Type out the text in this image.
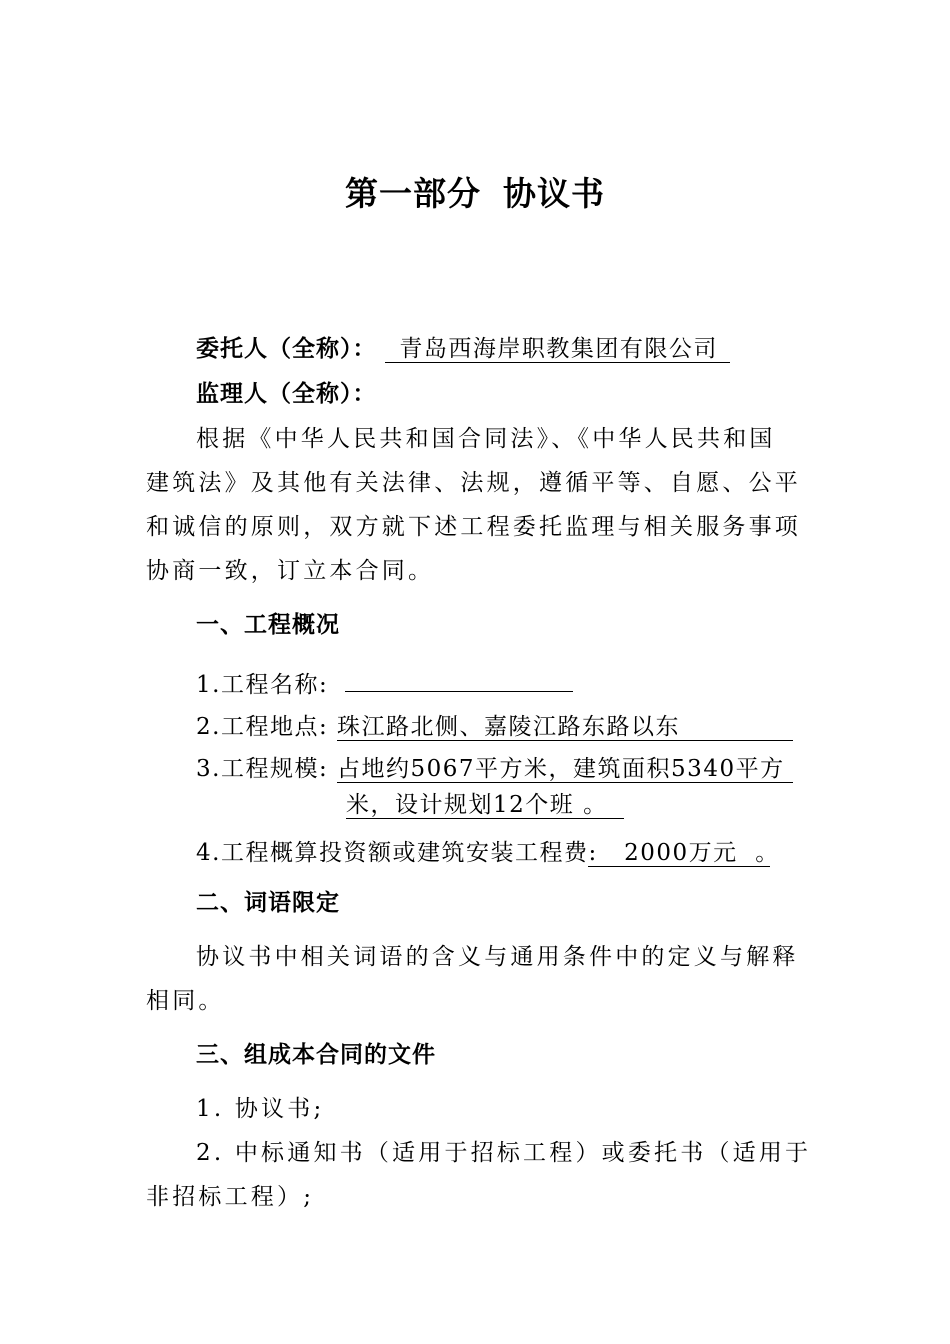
第一部分 协议书
委托人（全称）： 青岛西海岸职教集团有限公司
监理人（全称）：
根据《中华人民共和国合同法》、《中华人民共和国
建筑法》及其他有关法律、法规，遵循平等、自愿、公平
和诚信的原则，双方就下述工程委托监理与相关服务事项
协商一致，订立本合同。
一、工程概况
1.工程名称:
2.工程地点: 珠江路北侧、嘉陵江路东路以东
3.工程规模: 占地约5067平方米，建筑面积5340平方
米，设计规划12个班 。
4.工程概算投资额或建筑安装工程费:   2000万元  。
二、词语限定
协议书中相关词语的含义与通用条件中的定义与解释
相同。
三、组成本合同的文件
1. 协议书;
2. 中标通知书（适用于招标工程）或委托书（适用于
非招标工程）;
